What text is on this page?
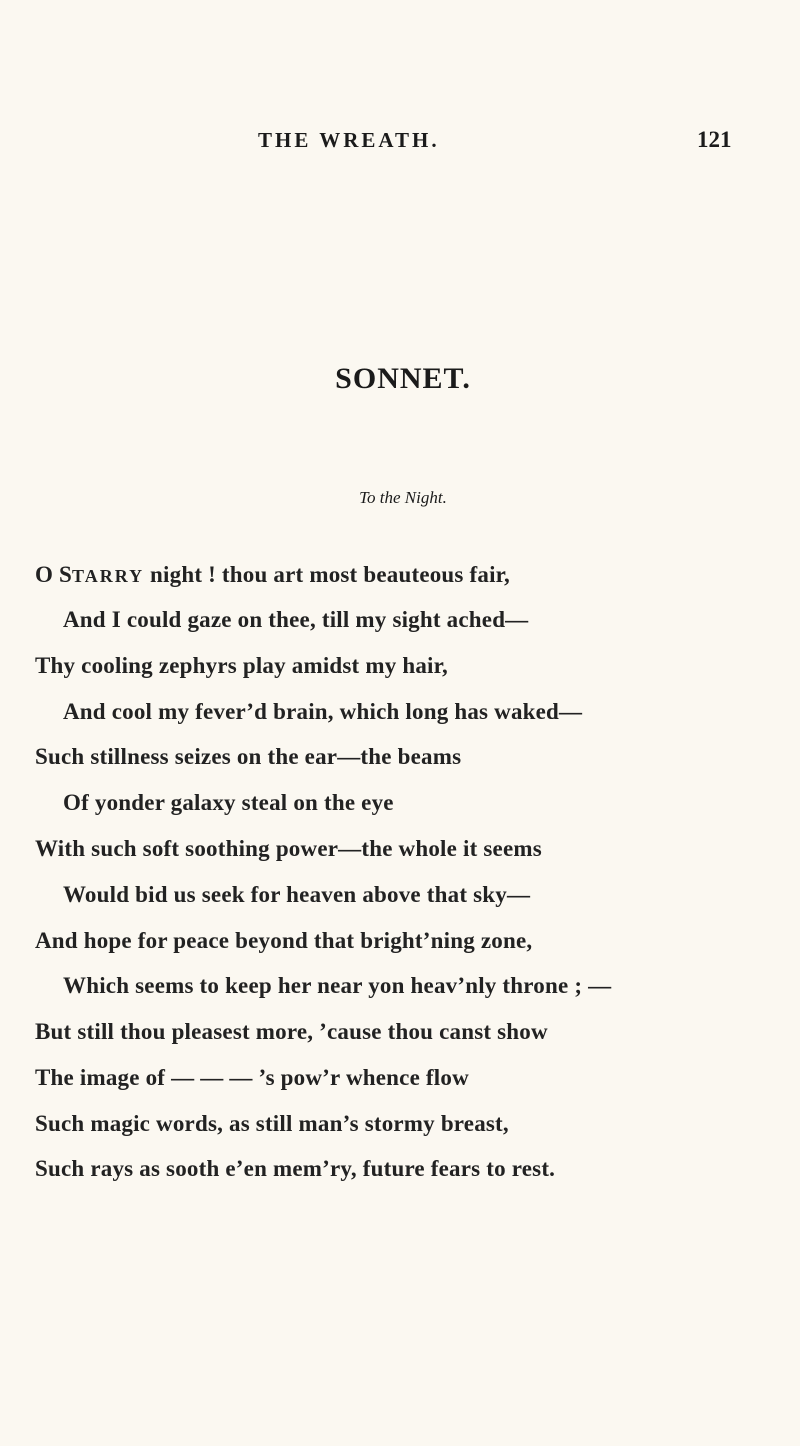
THE WREATH.	121
SONNET.
To the Night.
O STARRY night ! thou art most beauteous fair,
And I could gaze on thee, till my sight ached—
Thy cooling zephyrs play amidst my hair,
And cool my fever’d brain, which long has waked—
Such stillness seizes on the ear—the beams
Of yonder galaxy steal on the eye
With such soft soothing power—the whole it seems
Would bid us seek for heaven above that sky—
And hope for peace beyond that bright’ning zone,
Which seems to keep her near yon heav’nly throne ; —
But still thou pleasest more, ’cause thou canst show
The image of — — — ’s pow’r whence flow
Such magic words, as still man’s stormy breast,
Such rays as sooth e’en mem’ry, future fears to rest.
